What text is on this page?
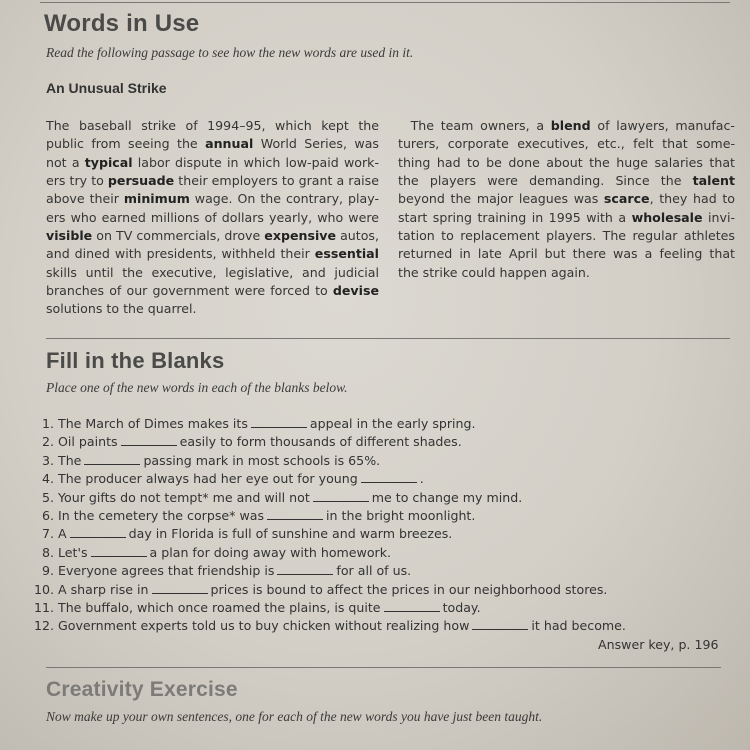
Words in Use
Read the following passage to see how the new words are used in it.
An Unusual Strike
The baseball strike of 1994–95, which kept the
public from seeing the annual World Series, was
not a typical labor dispute in which low-paid work-
ers try to persuade their employers to grant a raise
above their minimum wage. On the contrary, play-
ers who earned millions of dollars yearly, who were
visible on TV commercials, drove expensive autos,
and dined with presidents, withheld their essential
skills until the executive, legislative, and judicial
branches of our government were forced to devise
solutions to the quarrel.
 The team owners, a blend of lawyers, manufac-
turers, corporate executives, etc., felt that some-
thing had to be done about the huge salaries that
the players were demanding. Since the talent
beyond the major leagues was scarce, they had to
start spring training in 1995 with a wholesale invi-
tation to replacement players. The regular athletes
returned in late April but there was a feeling that
the strike could happen again.
Fill in the Blanks
Place one of the new words in each of the blanks below.
1. The March of Dimes makes its	appeal in the early spring.
2. Oil paints	easily to form thousands of different shades.
3. The	passing mark in most schools is 65%.
4. The producer always had her eye out for young	.
5. Your gifts do not tempt* me and will not	me to change my mind.
6. In the cemetery the corpse* was	in the bright moonlight.
7. A	day in Florida is full of sunshine and warm breezes.
8. Let's	a plan for doing away with homework.
9. Everyone agrees that friendship is	for all of us.
10. A sharp rise in	prices is bound to affect the prices in our neighborhood stores.
11. The buffalo, which once roamed the plains, is quite	today.
12. Government experts told us to buy chicken without realizing how	it had become.
Answer key, p. 196
Creativity Exercise
Now make up your own sentences, one for each of the new words you have just been taught.
